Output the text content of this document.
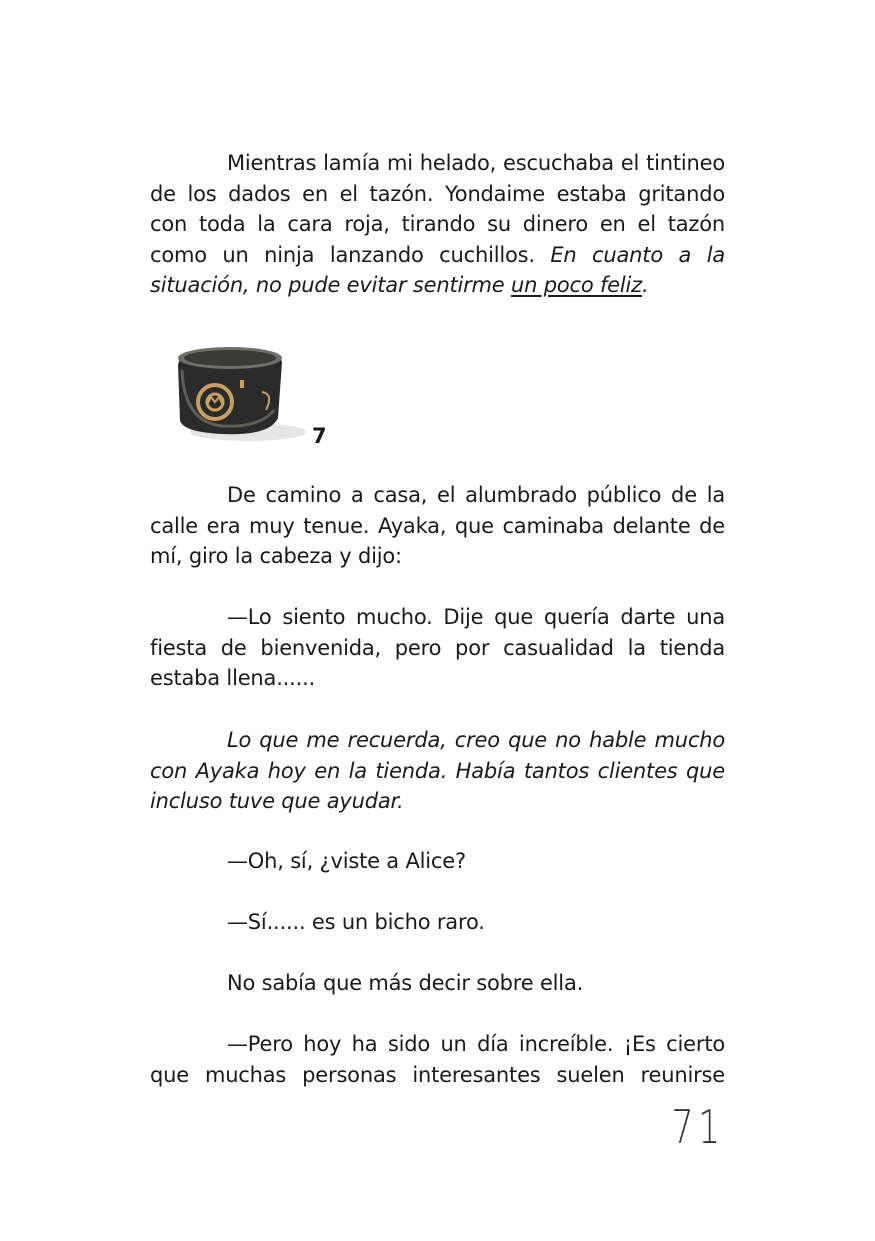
Mientras lamía mi helado, escuchaba el tintineo de los dados en el tazón. Yondaime estaba gritando con toda la cara roja, tirando su dinero en el tazón como un ninja lanzando cuchillos. En cuanto a la situación, no pude evitar sentirme un poco feliz.
7
De camino a casa, el alumbrado público de la calle era muy tenue. Ayaka, que caminaba delante de mí, giro la cabeza y dijo:
—Lo siento mucho. Dije que quería darte una fiesta de bienvenida, pero por casualidad la tienda estaba llena......
Lo que me recuerda, creo que no hable mucho con Ayaka hoy en la tienda. Había tantos clientes que incluso tuve que ayudar.
—Oh, sí, ¿viste a Alice?
—Sí...... es un bicho raro.
No sabía que más decir sobre ella.
—Pero hoy ha sido un día increíble. ¡Es cierto que muchas personas interesantes suelen reunirse
71
